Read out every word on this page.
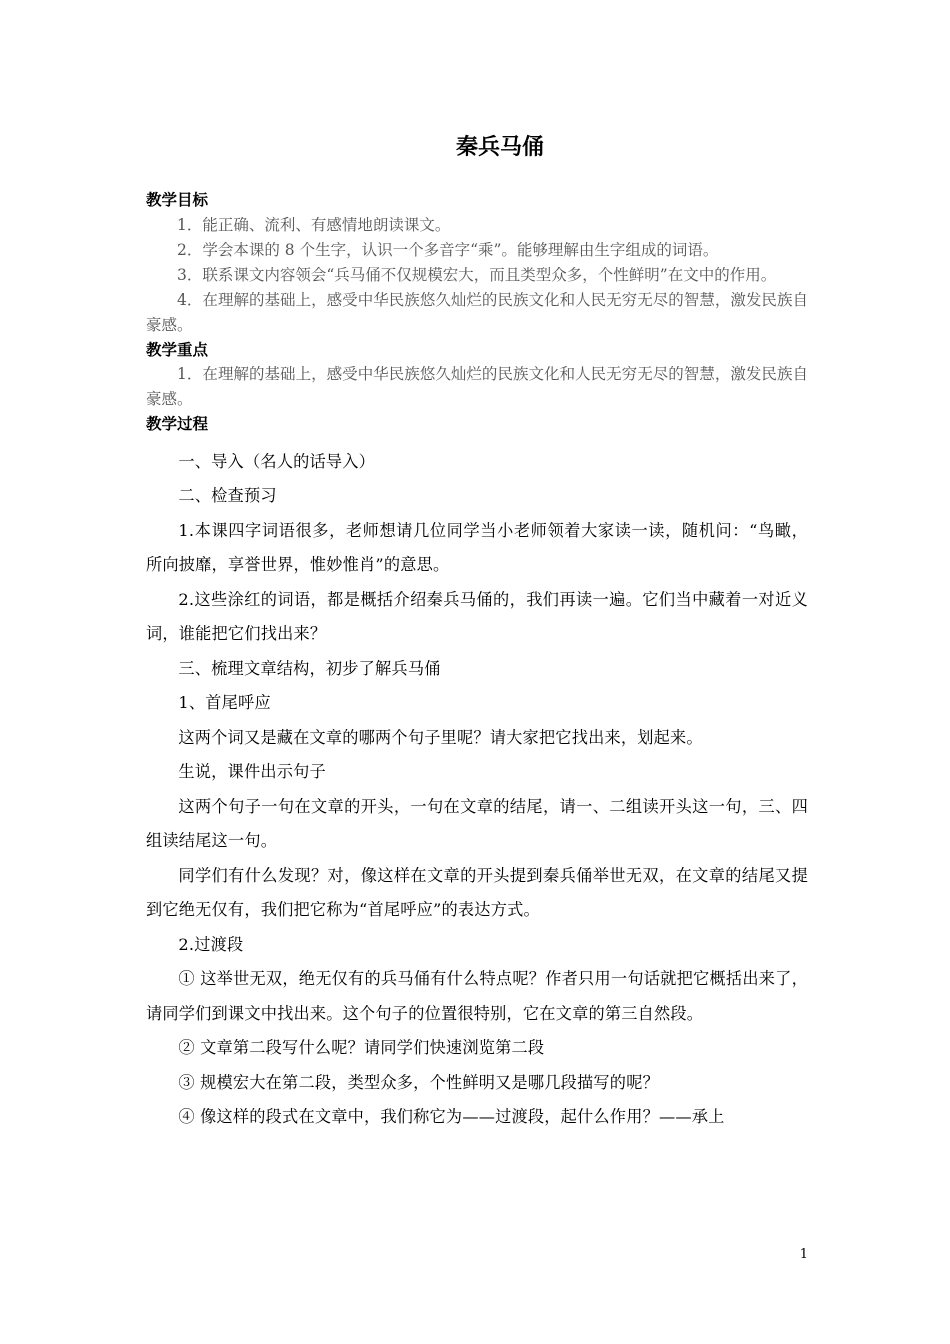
秦兵马俑
教学目标

1．能正确、流利、有感情地朗读课文。

2．学会本课的 8 个生字，认识一个多音字“乘”。能够理解由生字组成的词语。

3．联系课文内容领会“兵马俑不仅规模宏大，而且类型众多，个性鲜明”在文中的作用。

4．在理解的基础上，感受中华民族悠久灿烂的民族文化和人民无穷无尽的智慧，激发民族自豪感。

教学重点

1．在理解的基础上，感受中华民族悠久灿烂的民族文化和人民无穷无尽的智慧，激发民族自豪感。

教学过程

一、导入（名人的话导入）

二、检查预习

1.本课四字词语很多，老师想请几位同学当小老师领着大家读一读，随机问：“鸟瞰，所向披靡，享誉世界，惟妙惟肖”的意思。

2.这些涂红的词语，都是概括介绍秦兵马俑的，我们再读一遍。它们当中藏着一对近义词，谁能把它们找出来？

三、梳理文章结构，初步了解兵马俑

1、首尾呼应

这两个词又是藏在文章的哪两个句子里呢？请大家把它找出来，划起来。

生说，课件出示句子

这两个句子一句在文章的开头，一句在文章的结尾，请一、二组读开头这一句，三、四组读结尾这一句。

同学们有什么发现？对，像这样在文章的开头提到秦兵俑举世无双，在文章的结尾又提到它绝无仅有，我们把它称为“首尾呼应”的表达方式。

2.过渡段

① 这举世无双，绝无仅有的兵马俑有什么特点呢？作者只用一句话就把它概括出来了，请同学们到课文中找出来。这个句子的位置很特别，它在文章的第三自然段。

② 文章第二段写什么呢？请同学们快速浏览第二段

③ 规模宏大在第二段，类型众多，个性鲜明又是哪几段描写的呢？

④ 像这样的段式在文章中，我们称它为——过渡段，起什么作用？——承上

1
